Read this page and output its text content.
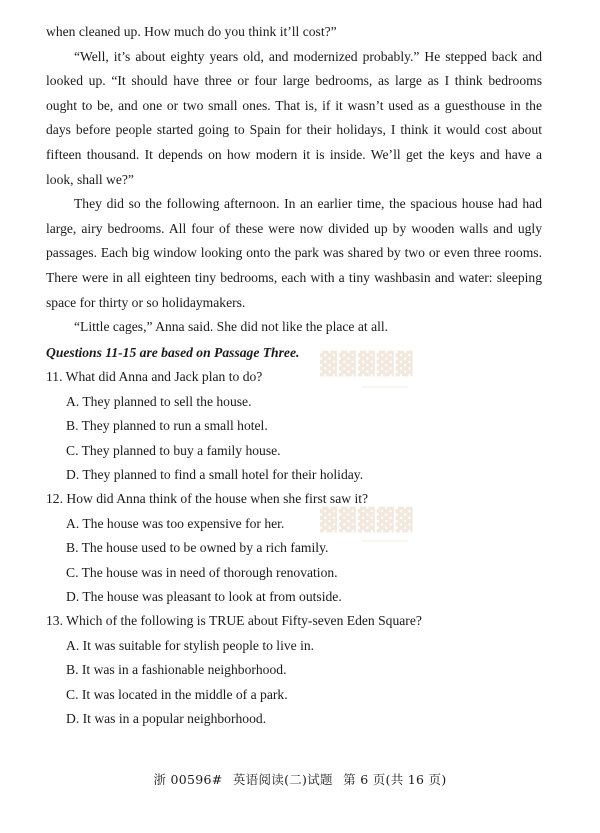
when cleaned up. How much do you think it’ll cost?”

“Well, it’s about eighty years old, and modernized probably.” He stepped back and looked up. “It should have three or four large bedrooms, as large as I think bedrooms ought to be, and one or two small ones. That is, if it wasn’t used as a guesthouse in the days before people started going to Spain for their holidays, I think it would cost about fifteen thousand. It depends on how modern it is inside. We’ll get the keys and have a look, shall we?”

They did so the following afternoon. In an earlier time, the spacious house had had large, airy bedrooms. All four of these were now divided up by wooden walls and ugly passages. Each big window looking onto the park was shared by two or even three rooms. There were in all eighteen tiny bedrooms, each with a tiny washbasin and water: sleeping space for thirty or so holidaymakers.

“Little cages,” Anna said. She did not like the place at all.

Questions 11-15 are based on Passage Three.

11. What did Anna and Jack plan to do?

A. They planned to sell the house.

B. They planned to run a small hotel.

C. They planned to buy a family house.

D. They planned to find a small hotel for their holiday.

12. How did Anna think of the house when she first saw it?

A. The house was too expensive for her.

B. The house used to be owned by a rich family.

C. The house was in need of thorough renovation.

D. The house was pleasant to look at from outside.

13. Which of the following is TRUE about Fifty-seven Eden Square?

A. It was suitable for stylish people to live in.

B. It was in a fashionable neighborhood.

C. It was located in the middle of a park.

D. It was in a popular neighborhood.

▓▓▓▓▓
▔▔▔▔▔▔▔▔▔▔
▓▓▓▓▓
▔▔▔▔▔▔▔▔▔▔
浙 00596# 英语阅读(二)试题 第 6 页(共 16 页)
